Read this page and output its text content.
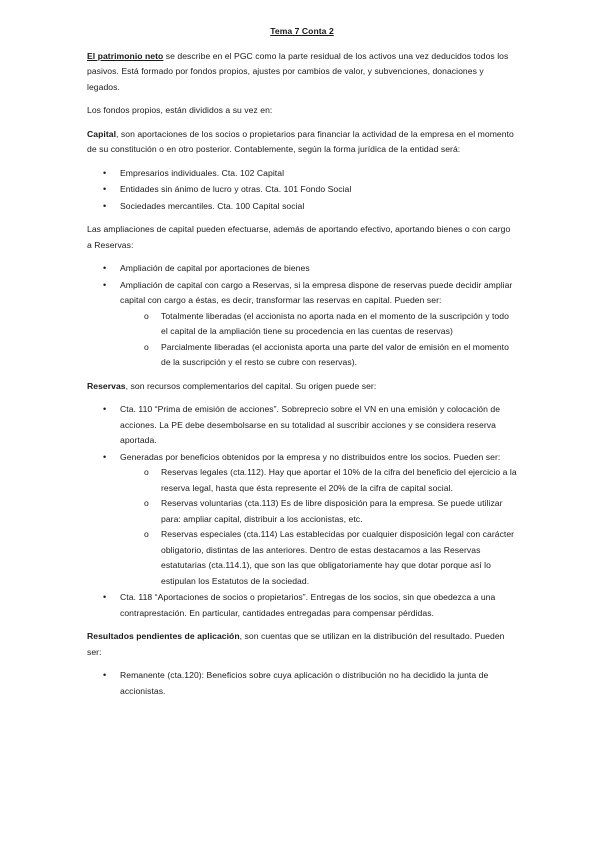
Tema 7 Conta 2

El patrimonio neto se describe en el PGC como la parte residual de los activos una vez deducidos todos los pasivos. Está formado por fondos propios, ajustes por cambios de valor, y subvenciones, donaciones y legados.

Los fondos propios, están divididos a su vez en:

Capital, son aportaciones de los socios o propietarios para financiar la actividad de la empresa en el momento de su constitución o en otro posterior. Contablemente, según la forma jurídica de la entidad será:

• Empresarios individuales. Cta. 102 Capital
• Entidades sin ánimo de lucro y otras. Cta. 101 Fondo Social
• Sociedades mercantiles. Cta. 100 Capital social

Las ampliaciones de capital pueden efectuarse, además de aportando efectivo, aportando bienes o con cargo a Reservas:

• Ampliación de capital por aportaciones de bienes
• Ampliación de capital con cargo a Reservas, si la empresa dispone de reservas puede decidir ampliar capital con cargo a éstas, es decir, transformar las reservas en capital. Pueden ser:
o Totalmente liberadas (el accionista no aporta nada en el momento de la suscripción y todo el capital de la ampliación tiene su procedencia en las cuentas de reservas)
o Parcialmente liberadas (el accionista aporta una parte del valor de emisión en el momento de la suscripción y el resto se cubre con reservas).

Reservas, son recursos complementarios del capital. Su origen puede ser:

• Cta. 110 “Prima de emisión de acciones”. Sobreprecio sobre el VN en una emisión y colocación de acciones. La PE debe desembolsarse en su totalidad al suscribir acciones y se considera reserva aportada.
• Generadas por beneficios obtenidos por la empresa y no distribuidos entre los socios. Pueden ser:
o Reservas legales (cta.112). Hay que aportar el 10% de la cifra del beneficio del ejercicio a la reserva legal, hasta que ésta represente el 20% de la cifra de capital social.
o Reservas voluntarias (cta.113) Es de libre disposición para la empresa. Se puede utilizar para: ampliar capital, distribuir a los accionistas, etc.
o Reservas especiales (cta.114) Las establecidas por cualquier disposición legal con carácter obligatorio, distintas de las anteriores. Dentro de estas destacamos a las Reservas estatutarias (cta.114.1), que son las que obligatoriamente hay que dotar porque así lo estipulan los Estatutos de la sociedad.
• Cta. 118 “Aportaciones de socios o propietarios”. Entregas de los socios, sin que obedezca a una contraprestación. En particular, cantidades entregadas para compensar pérdidas.

Resultados pendientes de aplicación, son cuentas que se utilizan en la distribución del resultado. Pueden ser:

• Remanente (cta.120): Beneficios sobre cuya aplicación o distribución no ha decidido la junta de accionistas.
